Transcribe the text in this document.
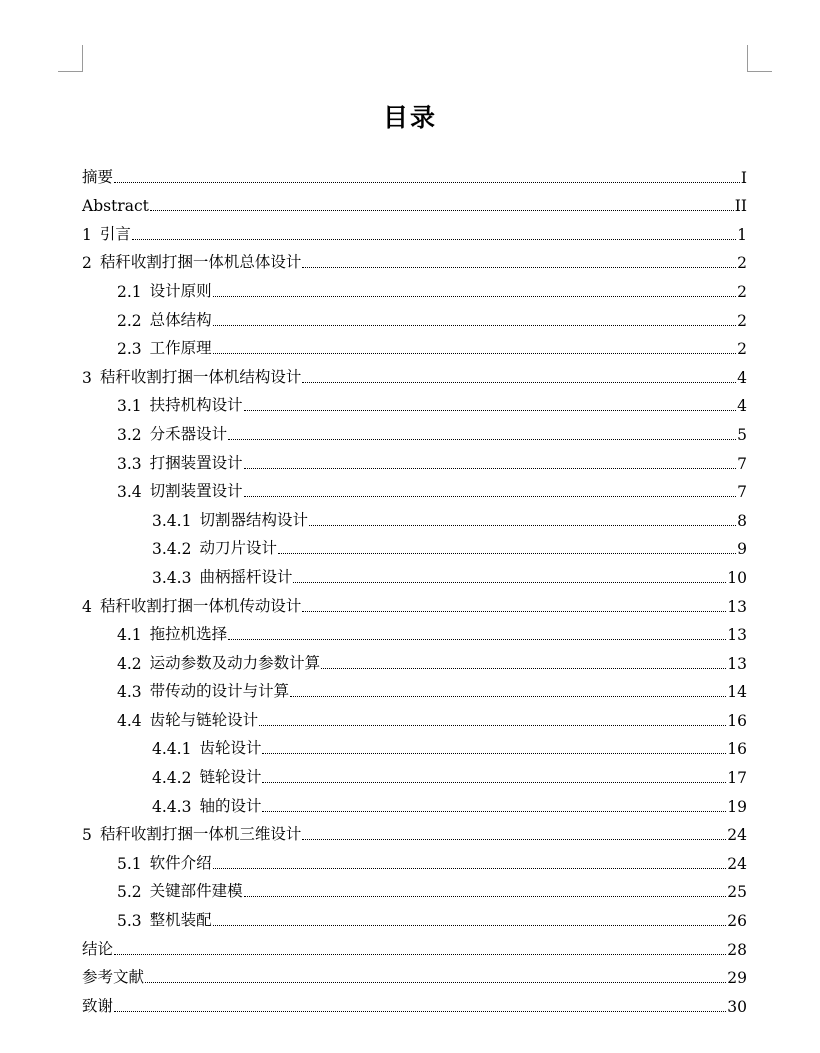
目录
摘要	I
Abstract	II
1 引言	1
2 秸秆收割打捆一体机总体设计	2
2.1 设计原则	2
2.2 总体结构	2
2.3 工作原理	2
3 秸秆收割打捆一体机结构设计	4
3.1 扶持机构设计	4
3.2 分禾器设计	5
3.3 打捆装置设计	7
3.4 切割装置设计	7
3.4.1 切割器结构设计	8
3.4.2 动刀片设计	9
3.4.3 曲柄摇杆设计	10
4 秸秆收割打捆一体机传动设计	13
4.1 拖拉机选择	13
4.2 运动参数及动力参数计算	13
4.3 带传动的设计与计算	14
4.4 齿轮与链轮设计	16
4.4.1 齿轮设计	16
4.4.2 链轮设计	17
4.4.3 轴的设计	19
5 秸秆收割打捆一体机三维设计	24
5.1 软件介绍	24
5.2 关键部件建模	25
5.3 整机装配	26
结论	28
参考文献	29
致谢	30
